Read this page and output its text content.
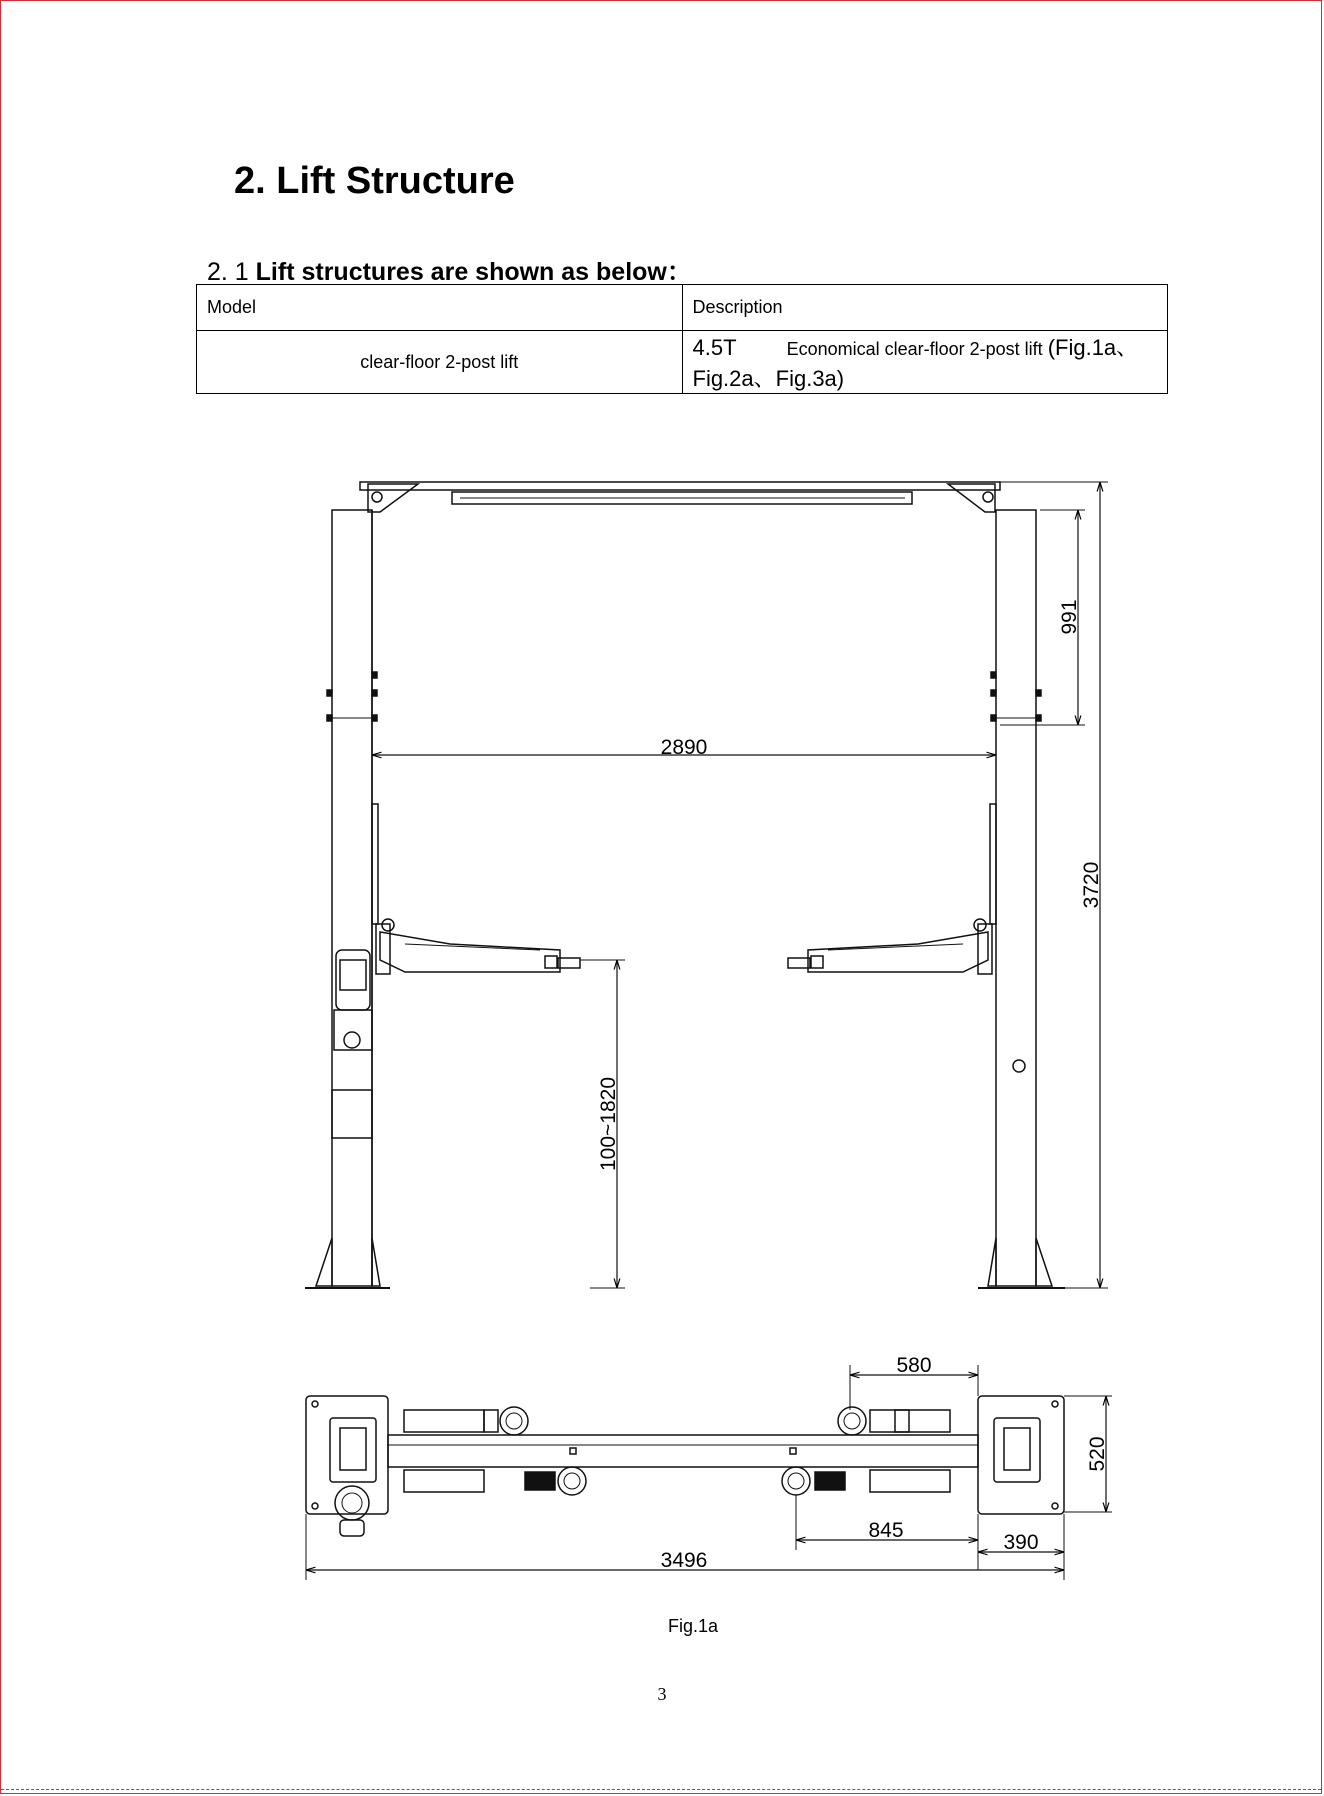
2. Lift Structure
2. 1 Lift structures are shown as below：
Model	Description
clear-floor 2-post lift	4.5T Economical clear-floor 2-post lift (Fig.1a、Fig.2a、Fig.3a)
2890
991
3720
100~1820
580
520
845
390
3496
Fig.1a
3
